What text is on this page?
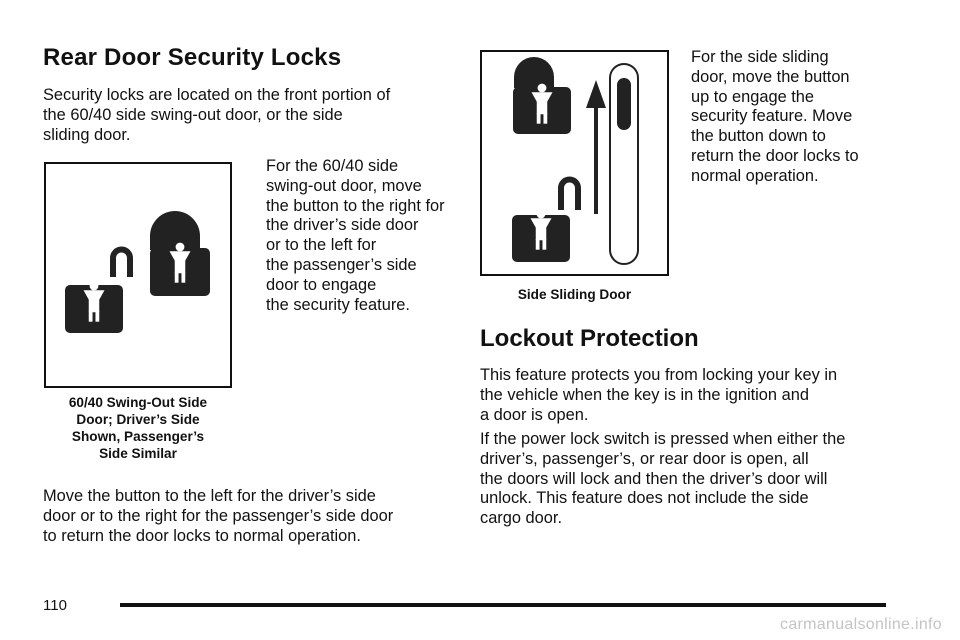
Rear Door Security Locks

Security locks are located on the front portion of
the 60/40 side swing-out door, or the side
sliding door.

60/40 Swing-Out Side
Door; Driver’s Side
Shown, Passenger’s
Side Similar

For the 60/40 side
swing-out door, move
the button to the right for
the driver’s side door
or to the left for
the passenger’s side
door to engage
the security feature.

Move the button to the left for the driver’s side
door or to the right for the passenger’s side door
to return the door locks to normal operation.

Side Sliding Door

For the side sliding
door, move the button
up to engage the
security feature. Move
the button down to
return the door locks to
normal operation.

Lockout Protection

This feature protects you from locking your key in
the vehicle when the key is in the ignition and
a door is open.

If the power lock switch is pressed when either the
driver’s, passenger’s, or rear door is open, all
the doors will lock and then the driver’s door will
unlock. This feature does not include the side
cargo door.

110
carmanualsonline.info
